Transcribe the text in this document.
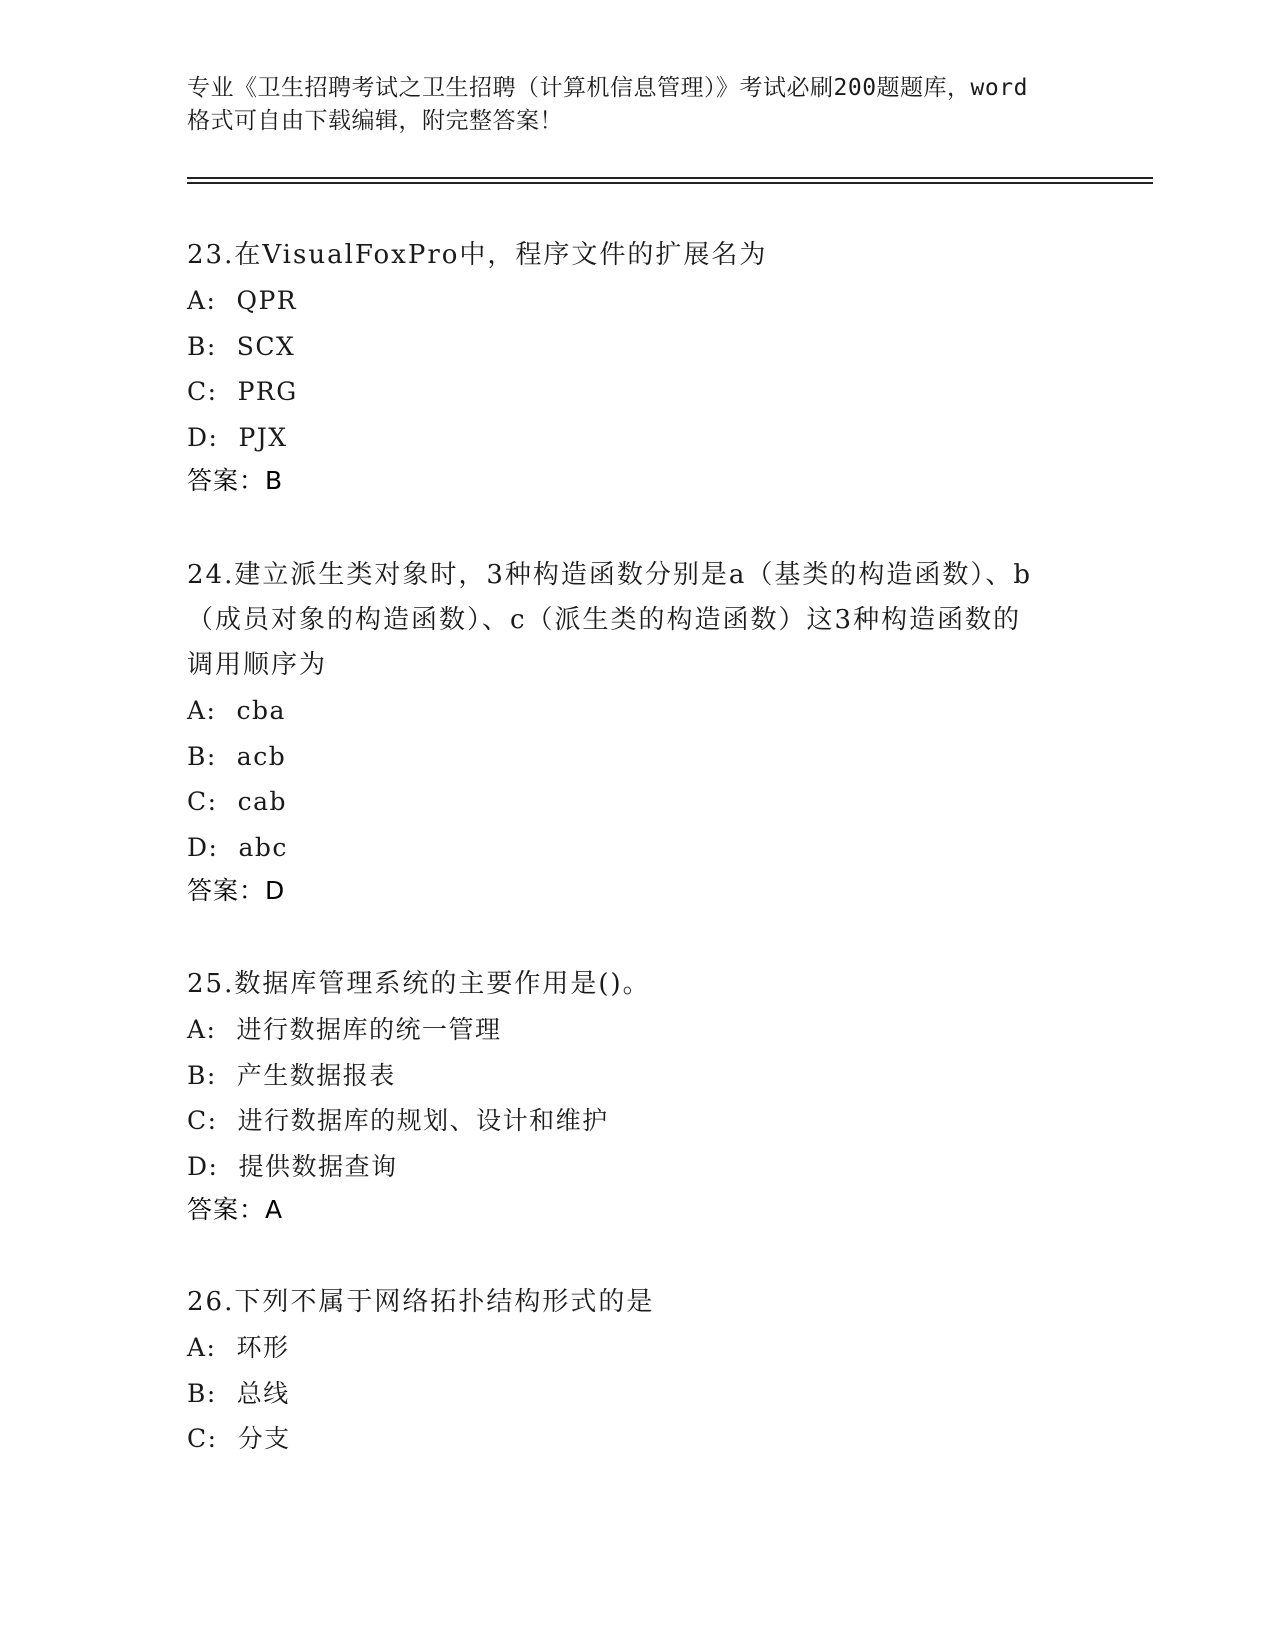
专业《卫生招聘考试之卫生招聘（计算机信息管理）》考试必刷200题题库，word
格式可自由下载编辑，附完整答案！
23.在VisualFoxPro中，程序文件的扩展名为
A: QPR
B: SCX
C: PRG
D: PJX
答案：B
24.建立派生类对象时，3种构造函数分别是a（基类的构造函数）、b（成员对象的构造函数）、c（派生类的构造函数）这3种构造函数的调用顺序为
A: cba
B: acb
C: cab
D: abc
答案：D
25.数据库管理系统的主要作用是()。
A: 进行数据库的统一管理
B: 产生数据报表
C: 进行数据库的规划、设计和维护
D: 提供数据查询
答案：A
26.下列不属于网络拓扑结构形式的是
A: 环形
B: 总线
C: 分支
